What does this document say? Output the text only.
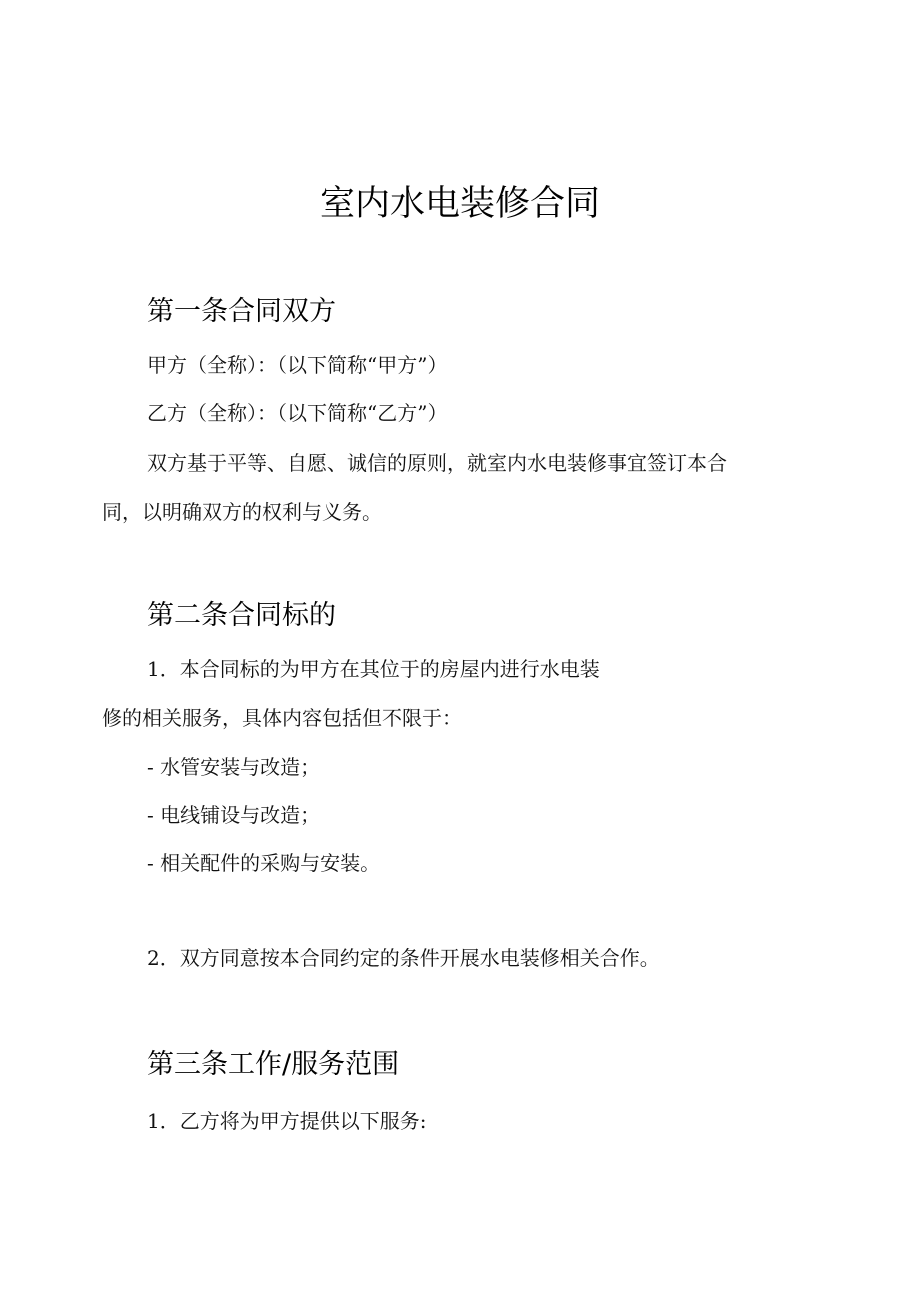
室内水电装修合同
第一条合同双方
甲方（全称）：（以下简称“甲方”）
乙方（全称）：（以下简称“乙方”）
双方基于平等、自愿、诚信的原则，就室内水电装修事宜签订本合
同，以明确双方的权利与义务。
第二条合同标的
1．本合同标的为甲方在其位于的房屋内进行水电装
修的相关服务，具体内容包括但不限于：
- 水管安装与改造；
- 电线铺设与改造；
- 相关配件的采购与安装。
2．双方同意按本合同约定的条件开展水电装修相关合作。
第三条工作/服务范围
1．乙方将为甲方提供以下服务:
